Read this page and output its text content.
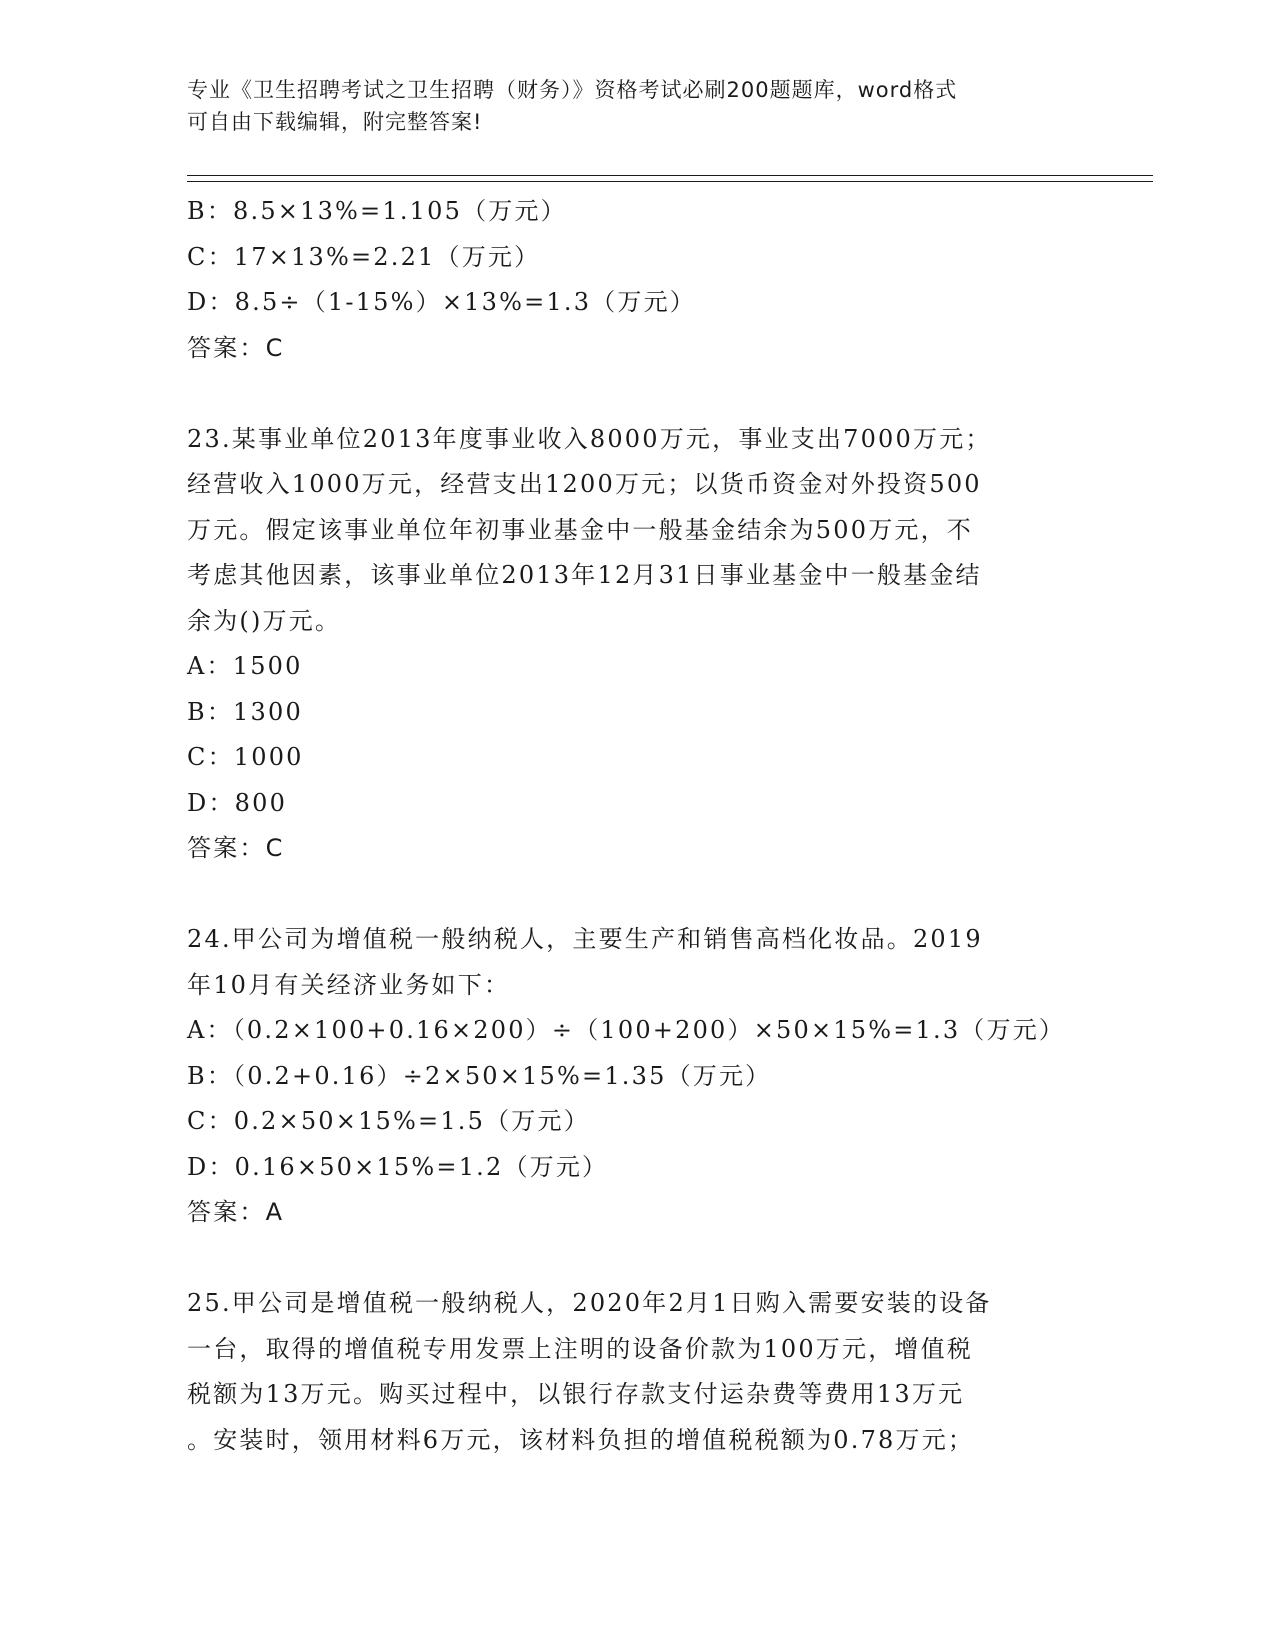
专业《卫生招聘考试之卫生招聘（财务）》资格考试必刷200题题库，word格式
可自由下载编辑，附完整答案!
B：8.5×13%=1.105（万元）
C：17×13%=2.21（万元）
D：8.5÷（1-15%）×13%=1.3（万元）
答案：C
23.某事业单位2013年度事业收入8000万元，事业支出7000万元；
经营收入1000万元，经营支出1200万元；以货币资金对外投资500
万元。假定该事业单位年初事业基金中一般基金结余为500万元，不
考虑其他因素，该事业单位2013年12月31日事业基金中一般基金结
余为()万元。
A：1500
B：1300
C：1000
D：800
答案：C
24.甲公司为增值税一般纳税人，主要生产和销售高档化妆品。2019
年10月有关经济业务如下：
A：（0.2×100+0.16×200）÷（100+200）×50×15%=1.3（万元）
B：（0.2+0.16）÷2×50×15%=1.35（万元）
C：0.2×50×15%=1.5（万元）
D：0.16×50×15%=1.2（万元）
答案：A
25.甲公司是增值税一般纳税人，2020年2月1日购入需要安装的设备
一台，取得的增值税专用发票上注明的设备价款为100万元，增值税
税额为13万元。购买过程中，以银行存款支付运杂费等费用13万元
。安装时，领用材料6万元，该材料负担的增值税税额为0.78万元；
